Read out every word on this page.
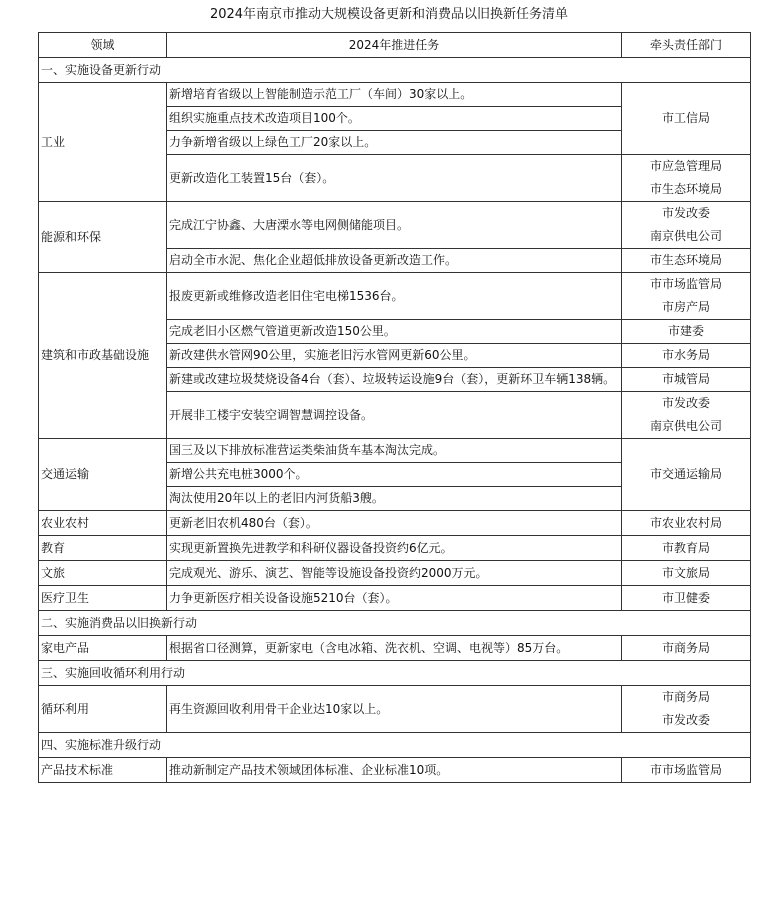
2024年南京市推动大规模设备更新和消费品以旧换新任务清单
领域	2024年推进任务	牵头责任部门
一、实施设备更新行动		
工业	新增培育省级以上智能制造示范工厂（车间）30家以上。	市工信局

	组织实施重点技术改造项目100个。	
	力争新增省级以上绿色工厂20家以上。	
	更新改造化工装置15台（套）。	市应急管理局
市生态环境局

能源和环保	完成江宁协鑫、大唐溧水等电网侧储能项目。	市发改委
南京供电公司

	启动全市水泥、焦化企业超低排放设备更新改造工作。	市生态环境局

建筑和市政基础设施	报废更新或维修改造老旧住宅电梯1536台。	市市场监管局
市房产局

	完成老旧小区燃气管道更新改造150公里。	市建委

	新改建供水管网90公里，实施老旧污水管网更新60公里。	市水务局

	新建或改建垃圾焚烧设备4台（套）、垃圾转运设施9台（套），更新环卫车辆138辆。	市城管局

	开展非工楼宇安装空调智慧调控设备。	市发改委
南京供电公司

交通运输	国三及以下排放标准营运类柴油货车基本淘汰完成。	市交通运输局

	新增公共充电桩3000个。	
	淘汰使用20年以上的老旧内河货船3艘。	
农业农村	更新老旧农机480台（套）。	市农业农村局

教育	实现更新置换先进教学和科研仪器设备投资约6亿元。	市教育局

文旅	完成观光、游乐、演艺、智能等设施设备投资约2000万元。	市文旅局

医疗卫生	力争更新医疗相关设备设施5210台（套）。	市卫健委

二、实施消费品以旧换新行动		
家电产品	根据省口径测算，更新家电（含电冰箱、洗衣机、空调、电视等）85万台。	市商务局

三、实施回收循环利用行动		
循环利用	再生资源回收利用骨干企业达10家以上。	市商务局
市发改委

四、实施标准升级行动		
产品技术标准	推动新制定产品技术领域团体标准、企业标准10项。	市市场监管局
